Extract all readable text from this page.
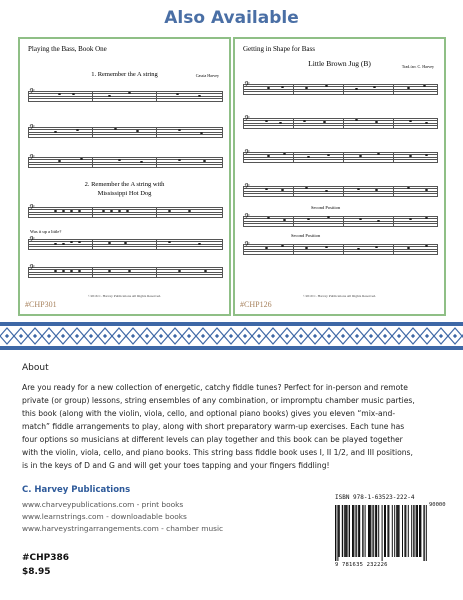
Also Available
Playing the Bass, Book One
1. Remember the A string	Cassia Harvey
𝄢
𝄢
𝄢
2. Remember the A string with
Mississippi Hot Dog
𝄢
Was it up a little?
𝄢
𝄢
©2016 C. Harvey Publications All Rights Reserved.
#CHP301
Getting in Shape for Bass
Little Brown Jug (B)	Trad./arr. C. Harvey
𝄢
𝄢
𝄢
𝄢
Second Position
𝄢
Second Position
𝄢
©2019 C. Harvey Publications All Rights Reserved.
#CHP126
About
Are you ready for a new collection of energetic, catchy fiddle tunes? Perfect for in-person and remote
private (or group) lessons, string ensembles of any combination, or impromptu chamber music parties,
this book (along with the violin, viola, cello, and optional piano books) gives you eleven “mix-and-
match” fiddle arrangements to play, along with short preparatory warm-up exercises. Each tune has
four options so musicians at different levels can play together and this book can be played together
with the violin, viola, cello, and piano books. This string bass fiddle book uses I, II 1/2, and III positions,
is in the keys of D and G and will get your toes tapping and your fingers fiddling!
C. Harvey Publications
www.charveypublications.com - print books
www.learnstrings.com - downloadable books
www.harveystringarrangements.com - chamber music
#CHP386
$8.95
ISBN 978-1-63523-222-4
90000
9 781635 232226
